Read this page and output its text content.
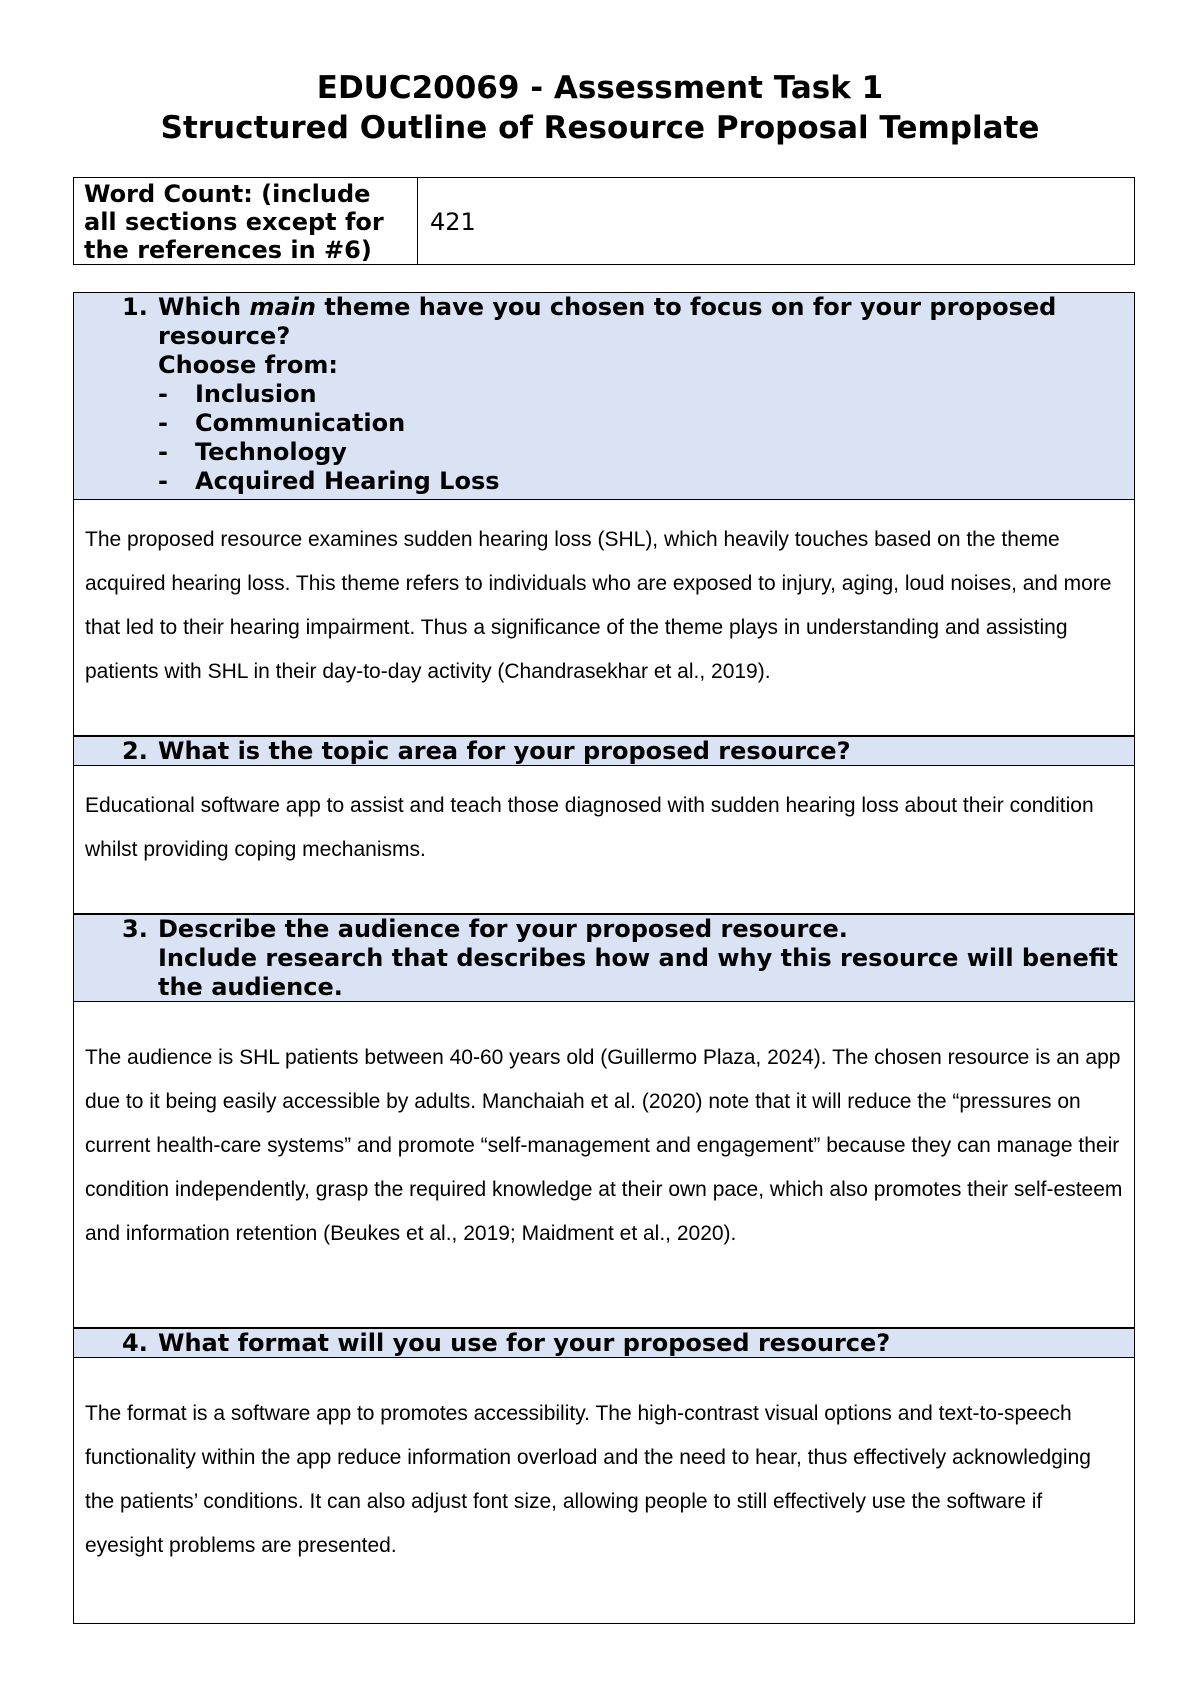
EDUC20069 - Assessment Task 1
Structured Outline of Resource Proposal Template
Word Count: (include all sections except for the references in #6)
421
1. Which main theme have you chosen to focus on for your proposed resource?
Choose from:
- Inclusion
- Communication
- Technology
- Acquired Hearing Loss
The proposed resource examines sudden hearing loss (SHL), which heavily touches based on the theme acquired hearing loss. This theme refers to individuals who are exposed to injury, aging, loud noises, and more that led to their hearing impairment. Thus a significance of the theme plays in understanding and assisting patients with SHL in their day-to-day activity (Chandrasekhar et al., 2019).
2. What is the topic area for your proposed resource?
Educational software app to assist and teach those diagnosed with sudden hearing loss about their condition whilst providing coping mechanisms.
3. Describe the audience for your proposed resource.
Include research that describes how and why this resource will benefit the audience.
The audience is SHL patients between 40-60 years old (Guillermo Plaza, 2024). The chosen resource is an app due to it being easily accessible by adults. Manchaiah et al. (2020) note that it will reduce the “pressures on current health-care systems” and promote “self-management and engagement” because they can manage their condition independently, grasp the required knowledge at their own pace, which also promotes their self-esteem and information retention (Beukes et al., 2019; Maidment et al., 2020).
4. What format will you use for your proposed resource?
The format is a software app to promotes accessibility. The high-contrast visual options and text-to-speech functionality within the app reduce information overload and the need to hear, thus effectively acknowledging the patients’ conditions. It can also adjust font size, allowing people to still effectively use the software if eyesight problems are presented.
